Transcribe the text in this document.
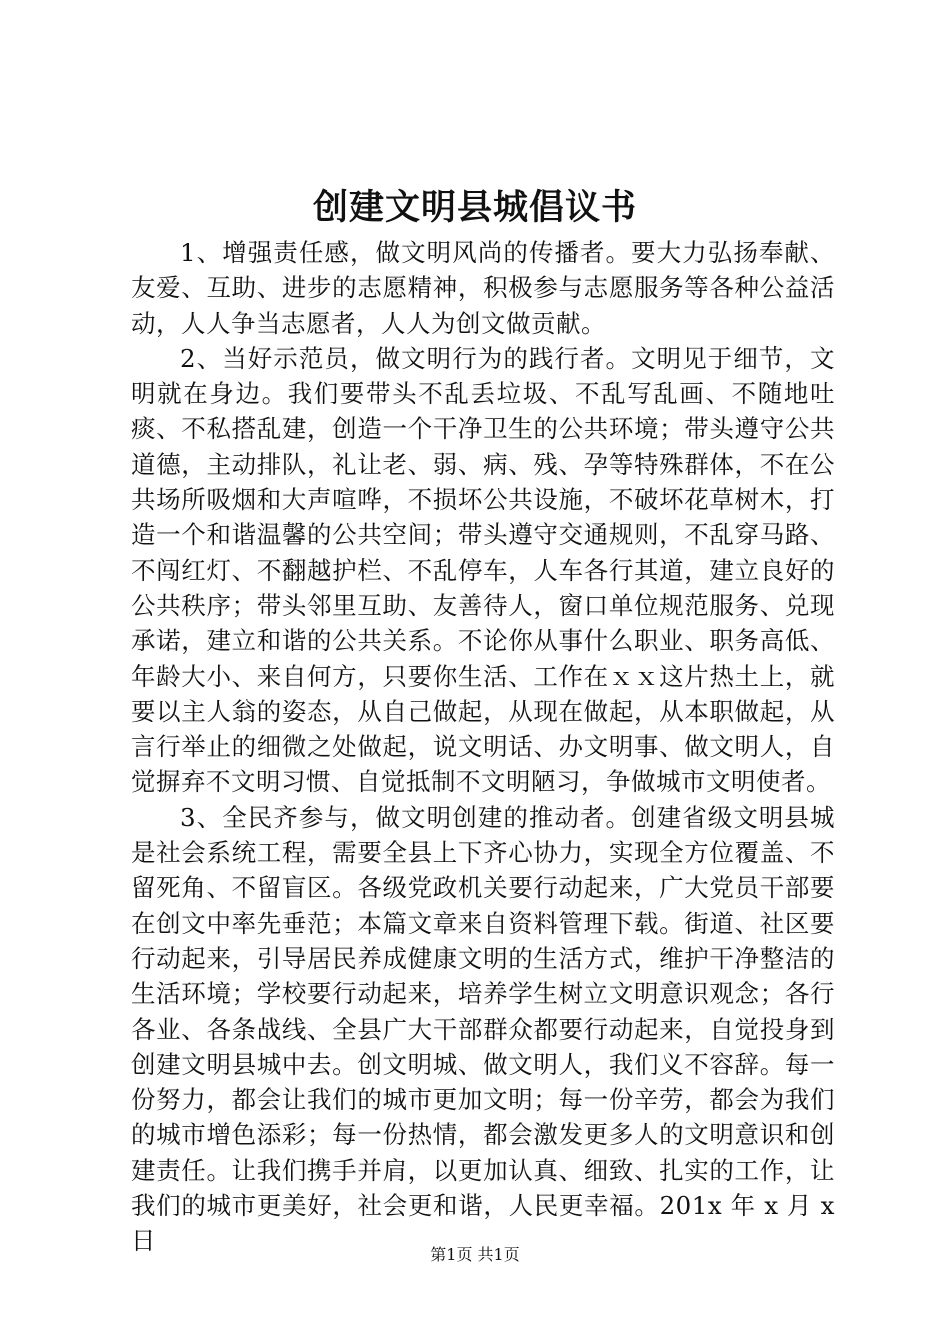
创建文明县城倡议书

1、增强责任感，做文明风尚的传播者。要大力弘扬奉献、友爱、互助、进步的志愿精神，积极参与志愿服务等各种公益活动，人人争当志愿者，人人为创文做贡献。

2、当好示范员，做文明行为的践行者。文明见于细节，文明就在身边。我们要带头不乱丢垃圾、不乱写乱画、不随地吐痰、不私搭乱建，创造一个干净卫生的公共环境；带头遵守公共道德，主动排队，礼让老、弱、病、残、孕等特殊群体，不在公共场所吸烟和大声喧哗，不损坏公共设施，不破坏花草树木，打造一个和谐温馨的公共空间；带头遵守交通规则，不乱穿马路、不闯红灯、不翻越护栏、不乱停车，人车各行其道，建立良好的公共秩序；带头邻里互助、友善待人，窗口单位规范服务、兑现承诺，建立和谐的公共关系。不论你从事什么职业、职务高低、年龄大小、来自何方，只要你生活、工作在ｘｘ这片热土上，就要以主人翁的姿态，从自己做起，从现在做起，从本职做起，从言行举止的细微之处做起，说文明话、办文明事、做文明人，自觉摒弃不文明习惯、自觉抵制不文明陋习，争做城市文明使者。

3、全民齐参与，做文明创建的推动者。创建省级文明县城是社会系统工程，需要全县上下齐心协力，实现全方位覆盖、不留死角、不留盲区。各级党政机关要行动起来，广大党员干部要在创文中率先垂范；本篇文章来自资料管理下载。街道、社区要行动起来，引导居民养成健康文明的生活方式，维护干净整洁的生活环境；学校要行动起来，培养学生树立文明意识观念；各行各业、各条战线、全县广大干部群众都要行动起来，自觉投身到创建文明县城中去。创文明城、做文明人，我们义不容辞。每一份努力，都会让我们的城市更加文明；每一份辛劳，都会为我们的城市增色添彩；每一份热情，都会激发更多人的文明意识和创建责任。让我们携手并肩，以更加认真、细致、扎实的工作，让我们的城市更美好，社会更和谐，人民更幸福。201x 年 x 月 x 日	第1页 共1页
